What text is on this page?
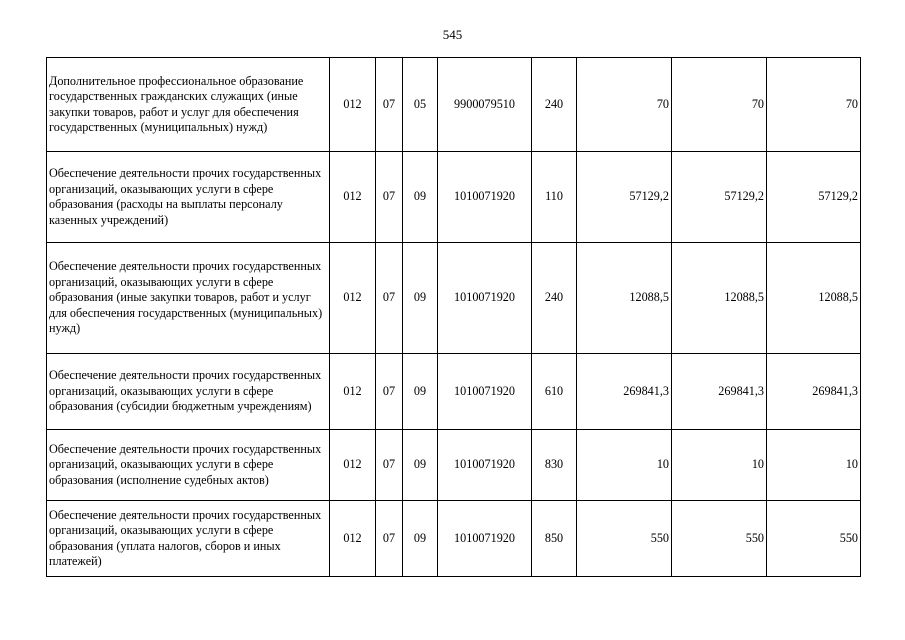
545
Дополнительное профессиональное образование государственных гражданских служащих (иные закупки товаров, работ и услуг для обеспечения государственных (муниципальных) нужд)	012	07	05	9900079510	240	70	70	70
Обеспечение деятельности прочих государственных организаций, оказывающих услуги в сфере образования (расходы на выплаты персоналу казенных учреждений)	012	07	09	1010071920	110	57129,2	57129,2	57129,2
Обеспечение деятельности прочих государственных организаций, оказывающих услуги в сфере образования (иные закупки товаров, работ и услуг для обеспечения государственных (муниципальных) нужд)	012	07	09	1010071920	240	12088,5	12088,5	12088,5
Обеспечение деятельности прочих государственных организаций, оказывающих услуги в сфере образования (субсидии бюджетным учреждениям)	012	07	09	1010071920	610	269841,3	269841,3	269841,3
Обеспечение деятельности прочих государственных организаций, оказывающих услуги в сфере образования (исполнение судебных актов)	012	07	09	1010071920	830	10	10	10
Обеспечение деятельности прочих государственных организаций, оказывающих услуги в сфере образования (уплата налогов, сборов и иных платежей)	012	07	09	1010071920	850	550	550	550
